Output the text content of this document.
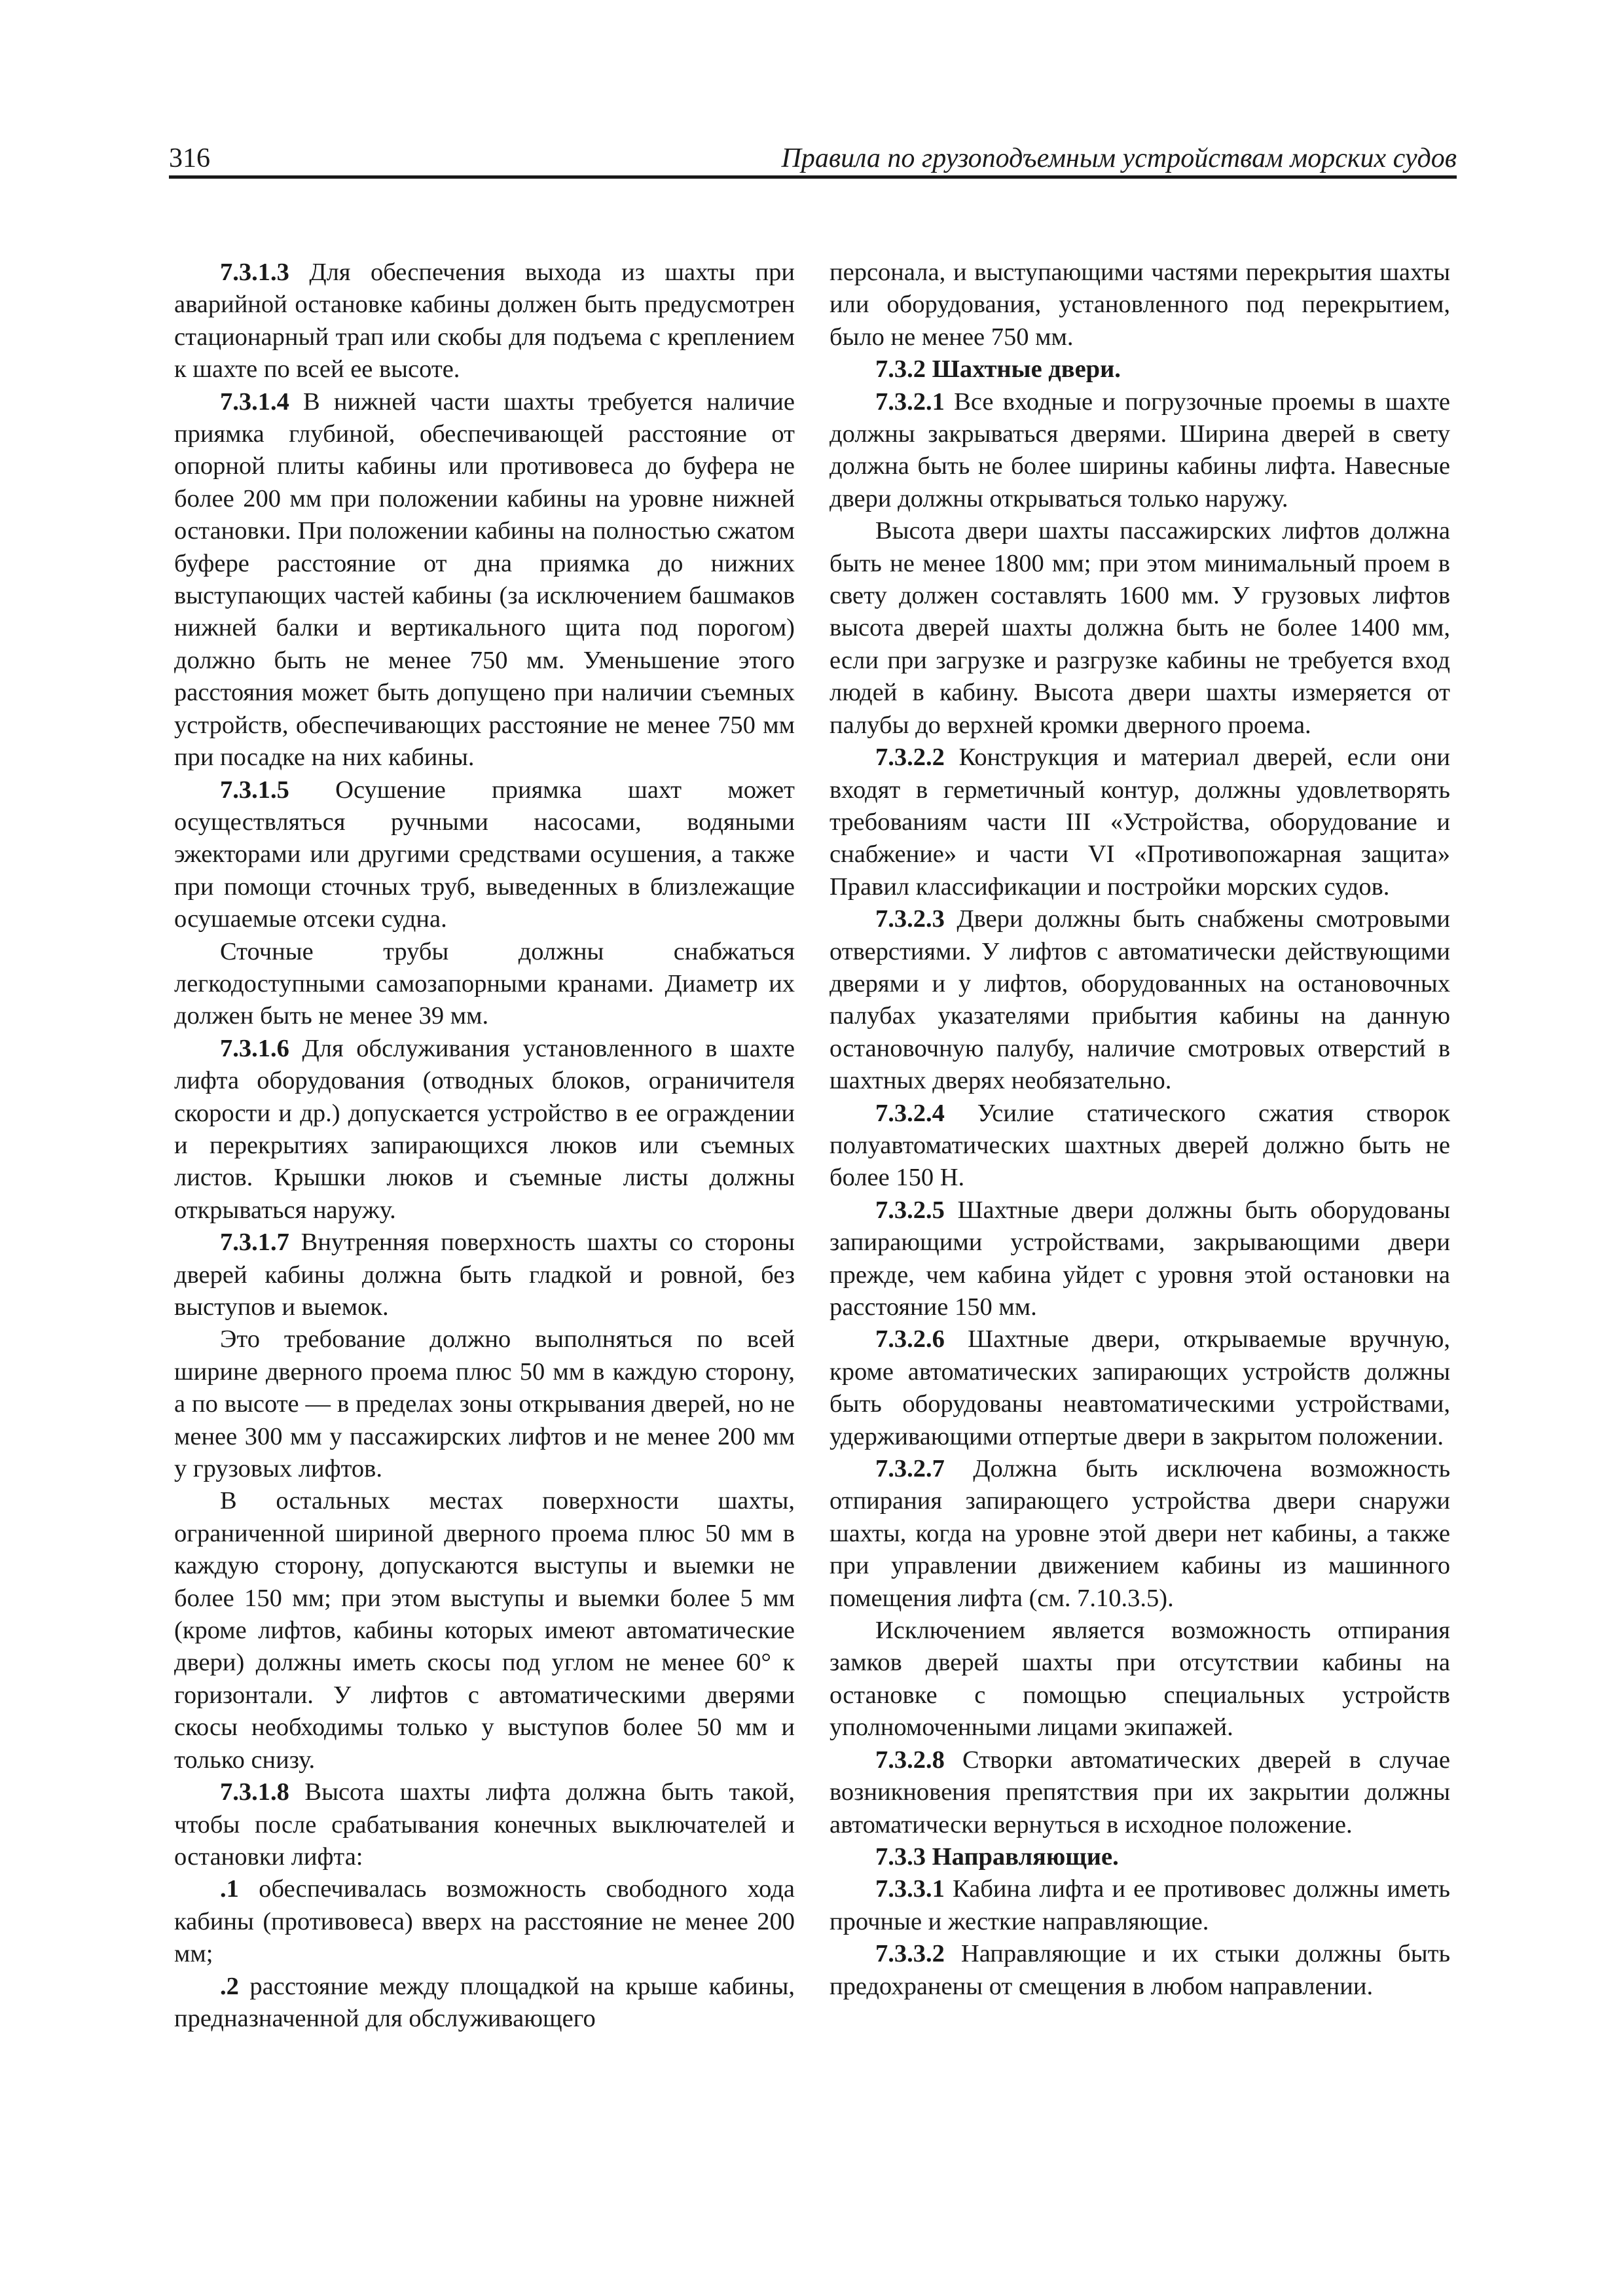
316	Правила по грузоподъемным устройствам морских судов

7.3.1.3 Для обеспечения выхода из шахты при аварийной остановке кабины должен быть предусмотрен стационарный трап или скобы для подъема с креплением к шахте по всей ее высоте.

7.3.1.4 В нижней части шахты требуется наличие приямка глубиной, обеспечивающей расстояние от опорной плиты кабины или противовеса до буфера не более 200 мм при положении кабины на уровне нижней остановки. При положении кабины на полностью сжатом буфере расстояние от дна приямка до нижних выступающих частей кабины (за исключением башмаков нижней балки и вертикального щита под порогом) должно быть не менее 750 мм. Уменьшение этого расстояния может быть допущено при наличии съемных устройств, обеспечивающих расстояние не менее 750 мм при посадке на них кабины.

7.3.1.5 Осушение приямка шахт может осуществляться ручными насосами, водяными эжекторами или другими средствами осушения, а также при помощи сточных труб, выведенных в близлежащие осушаемые отсеки судна.

Сточные трубы должны снабжаться легкодоступными самозапорными кранами. Диаметр их должен быть не менее 39 мм.

7.3.1.6 Для обслуживания установленного в шахте лифта оборудования (отводных блоков, ограничителя скорости и др.) допускается устройство в ее ограждении и перекрытиях запирающихся люков или съемных листов. Крышки люков и съемные листы должны открываться наружу.

7.3.1.7 Внутренняя поверхность шахты со стороны дверей кабины должна быть гладкой и ровной, без выступов и выемок.

Это требование должно выполняться по всей ширине дверного проема плюс 50 мм в каждую сторону, а по высоте — в пределах зоны открывания дверей, но не менее 300 мм у пассажирских лифтов и не менее 200 мм у грузовых лифтов.

В остальных местах поверхности шахты, ограниченной шириной дверного проема плюс 50 мм в каждую сторону, допускаются выступы и выемки не более 150 мм; при этом выступы и выемки более 5 мм (кроме лифтов, кабины которых имеют автоматические двери) должны иметь скосы под углом не менее 60° к горизонтали. У лифтов с автоматическими дверями скосы необходимы только у выступов более 50 мм и только снизу.

7.3.1.8 Высота шахты лифта должна быть такой, чтобы после срабатывания конечных выключателей и остановки лифта:

.1 обеспечивалась возможность свободного хода кабины (противовеса) вверх на расстояние не менее 200 мм;

.2 расстояние между площадкой на крыше кабины, предназначенной для обслуживающего

персонала, и выступающими частями перекрытия шахты или оборудования, установленного под перекрытием, было не менее 750 мм.

7.3.2 Шахтные двери.

7.3.2.1 Все входные и погрузочные проемы в шахте должны закрываться дверями. Ширина дверей в свету должна быть не более ширины кабины лифта. Навесные двери должны открываться только наружу.

Высота двери шахты пассажирских лифтов должна быть не менее 1800 мм; при этом минимальный проем в свету должен составлять 1600 мм. У грузовых лифтов высота дверей шахты должна быть не более 1400 мм, если при загрузке и разгрузке кабины не требуется вход людей в кабину. Высота двери шахты измеряется от палубы до верхней кромки дверного проема.

7.3.2.2 Конструкция и материал дверей, если они входят в герметичный контур, должны удовлетворять требованиям части III «Устройства, оборудование и снабжение» и части VI «Противопожарная защита» Правил классификации и постройки морских судов.

7.3.2.3 Двери должны быть снабжены смотровыми отверстиями. У лифтов с автоматически действующими дверями и у лифтов, оборудованных на остановочных палубах указателями прибытия кабины на данную остановочную палубу, наличие смотровых отверстий в шахтных дверях необязательно.

7.3.2.4 Усилие статического сжатия створок полуавтоматических шахтных дверей должно быть не более 150 Н.

7.3.2.5 Шахтные двери должны быть оборудованы запирающими устройствами, закрывающими двери прежде, чем кабина уйдет с уровня этой остановки на расстояние 150 мм.

7.3.2.6 Шахтные двери, открываемые вручную, кроме автоматических запирающих устройств должны быть оборудованы неавтоматическими устройствами, удерживающими отпертые двери в закрытом положении.

7.3.2.7 Должна быть исключена возможность отпирания запирающего устройства двери снаружи шахты, когда на уровне этой двери нет кабины, а также при управлении движением кабины из машинного помещения лифта (см. 7.10.3.5).

Исключением является возможность отпирания замков дверей шахты при отсутствии кабины на остановке с помощью специальных устройств уполномоченными лицами экипажей.

7.3.2.8 Створки автоматических дверей в случае возникновения препятствия при их закрытии должны автоматически вернуться в исходное положение.

7.3.3 Направляющие.

7.3.3.1 Кабина лифта и ее противовес должны иметь прочные и жесткие направляющие.

7.3.3.2 Направляющие и их стыки должны быть предохранены от смещения в любом направлении.
